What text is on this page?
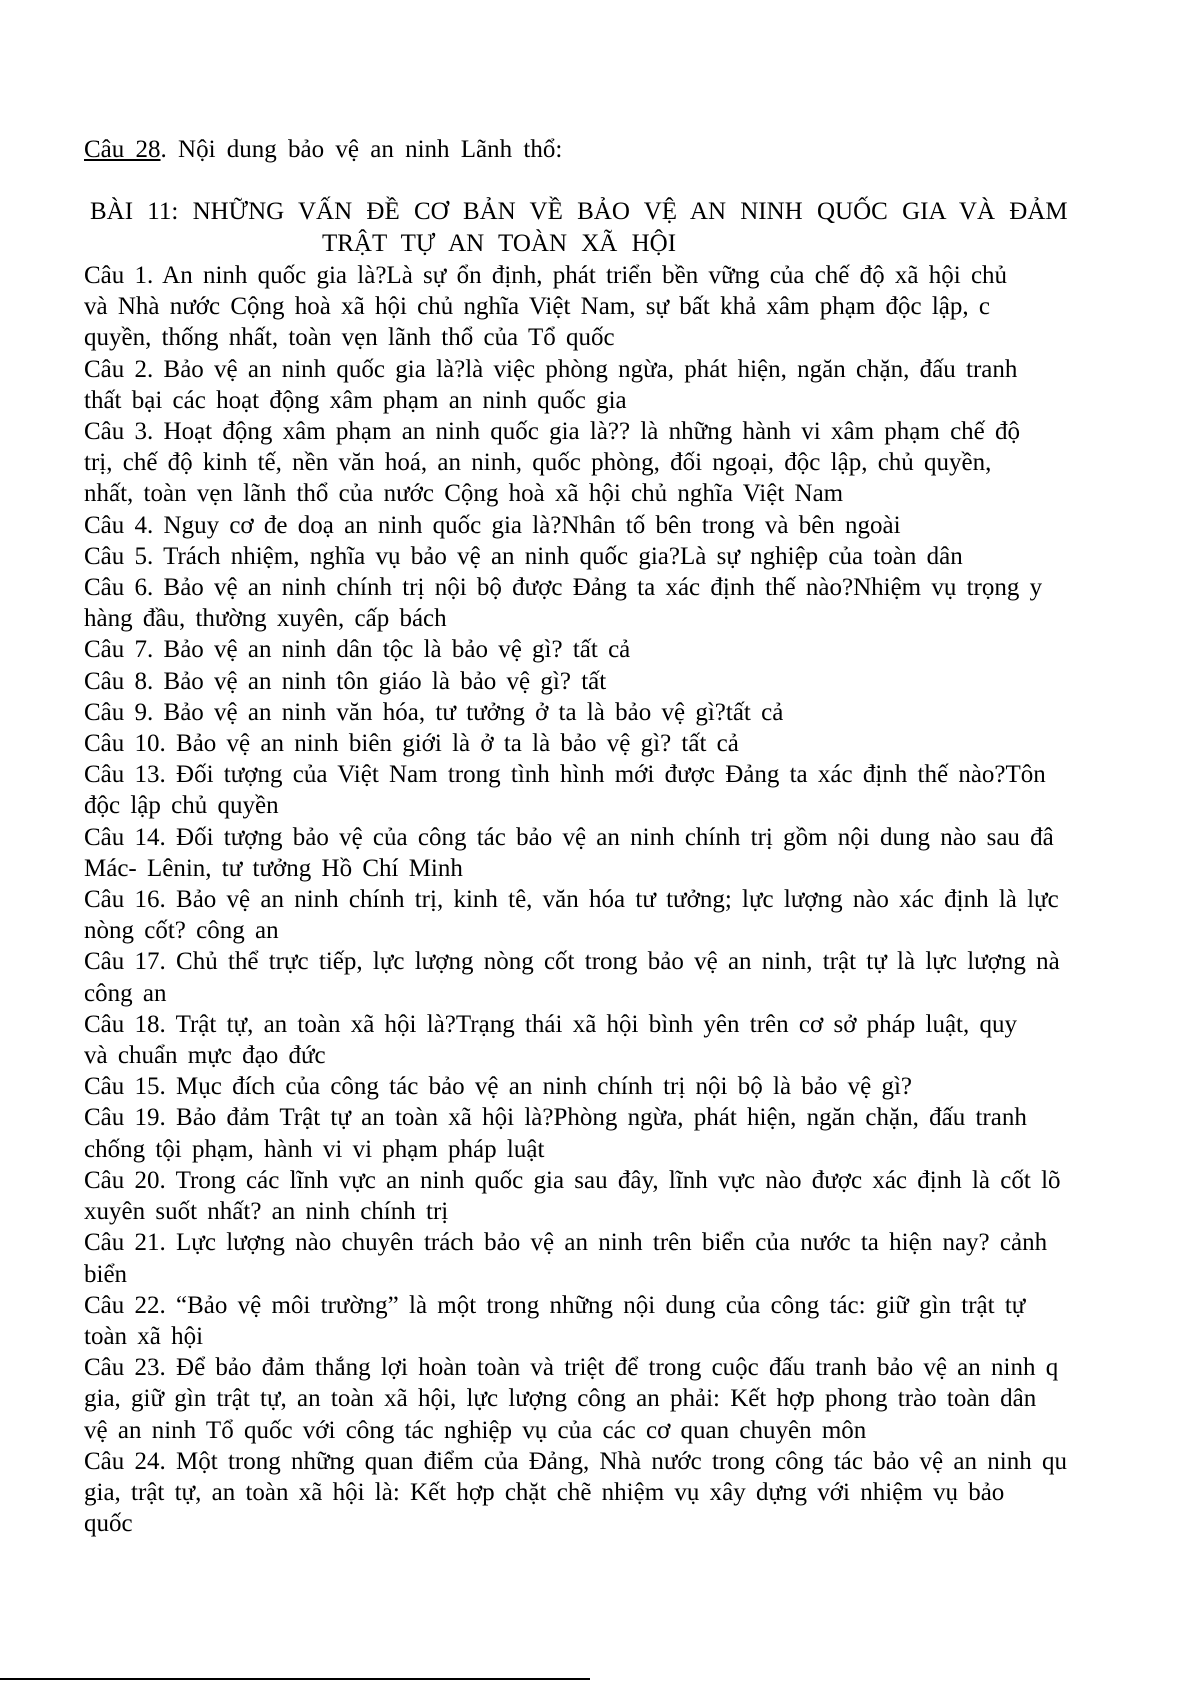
Câu 28. Nội dung bảo vệ an ninh Lãnh thổ:
BÀI 11: NHỮNG VẤN ĐỀ CƠ BẢN VỀ BẢO VỆ AN NINH QUỐC GIA VÀ ĐẢM
TRẬT TỰ AN TOÀN XÃ HỘI
Câu 1. An ninh quốc gia là?Là sự ổn định, phát triển bền vững của chế độ xã hội chủ
và Nhà nước Cộng hoà xã hội chủ nghĩa Việt Nam, sự bất khả xâm phạm độc lập, c
quyền, thống nhất, toàn vẹn lãnh thổ của Tổ quốc
Câu 2. Bảo vệ an ninh quốc gia là?là việc phòng ngừa, phát hiện, ngăn chặn, đấu tranh
thất bại các hoạt động xâm phạm an ninh quốc gia
Câu 3. Hoạt động xâm phạm an ninh quốc gia là?? là những hành vi xâm phạm chế độ
trị, chế độ kinh tế, nền văn hoá, an ninh, quốc phòng, đối ngoại, độc lập, chủ quyền,
nhất, toàn vẹn lãnh thổ của nước Cộng hoà xã hội chủ nghĩa Việt Nam
Câu 4. Nguy cơ đe doạ an ninh quốc gia là?Nhân tố bên trong và bên ngoài
Câu 5. Trách nhiệm, nghĩa vụ bảo vệ an ninh quốc gia?Là sự nghiệp của toàn dân
Câu 6. Bảo vệ an ninh chính trị nội bộ được Đảng ta xác định thế nào?Nhiệm vụ trọng y
hàng đầu, thường xuyên, cấp bách
Câu 7. Bảo vệ an ninh dân tộc là bảo vệ gì? tất cả
Câu 8. Bảo vệ an ninh tôn giáo là bảo vệ gì? tất
Câu 9. Bảo vệ an ninh văn hóa, tư tưởng ở ta là bảo vệ gì?tất cả
Câu 10. Bảo vệ an ninh biên giới là ở ta là bảo vệ gì? tất cả
Câu 13. Đối tượng của Việt Nam trong tình hình mới được Đảng ta xác định thế nào?Tôn
độc lập chủ quyền
Câu 14. Đối tượng bảo vệ của công tác bảo vệ an ninh chính trị gồm nội dung nào sau đâ
Mác- Lênin, tư tưởng Hồ Chí Minh
Câu 16. Bảo vệ an ninh chính trị, kinh tê, văn hóa tư tưởng; lực lượng nào xác định là lực
nòng cốt? công an
Câu 17. Chủ thể trực tiếp, lực lượng nòng cốt trong bảo vệ an ninh, trật tự là lực lượng nà
công an
Câu 18. Trật tự, an toàn xã hội là?Trạng thái xã hội bình yên trên cơ sở pháp luật, quy
và chuẩn mực đạo đức
Câu 15. Mục đích của công tác bảo vệ an ninh chính trị nội bộ là bảo vệ gì?
Câu 19. Bảo đảm Trật tự an toàn xã hội là?Phòng ngừa, phát hiện, ngăn chặn, đấu tranh
chống tội phạm, hành vi vi phạm pháp luật
Câu 20. Trong các lĩnh vực an ninh quốc gia sau đây, lĩnh vực nào được xác định là cốt lõ
xuyên suốt nhất? an ninh chính trị
Câu 21. Lực lượng nào chuyên trách bảo vệ an ninh trên biển của nước ta hiện nay? cảnh
biển
Câu 22. “Bảo vệ môi trường” là một trong những nội dung của công tác: giữ gìn trật tự
toàn xã hội
Câu 23. Để bảo đảm thắng lợi hoàn toàn và triệt để trong cuộc đấu tranh bảo vệ an ninh q
gia, giữ gìn trật tự, an toàn xã hội, lực lượng công an phải: Kết hợp phong trào toàn dân
vệ an ninh Tổ quốc với công tác nghiệp vụ của các cơ quan chuyên môn
Câu 24. Một trong những quan điểm của Đảng, Nhà nước trong công tác bảo vệ an ninh qu
gia, trật tự, an toàn xã hội là: Kết hợp chặt chẽ nhiệm vụ xây dựng với nhiệm vụ bảo
quốc
